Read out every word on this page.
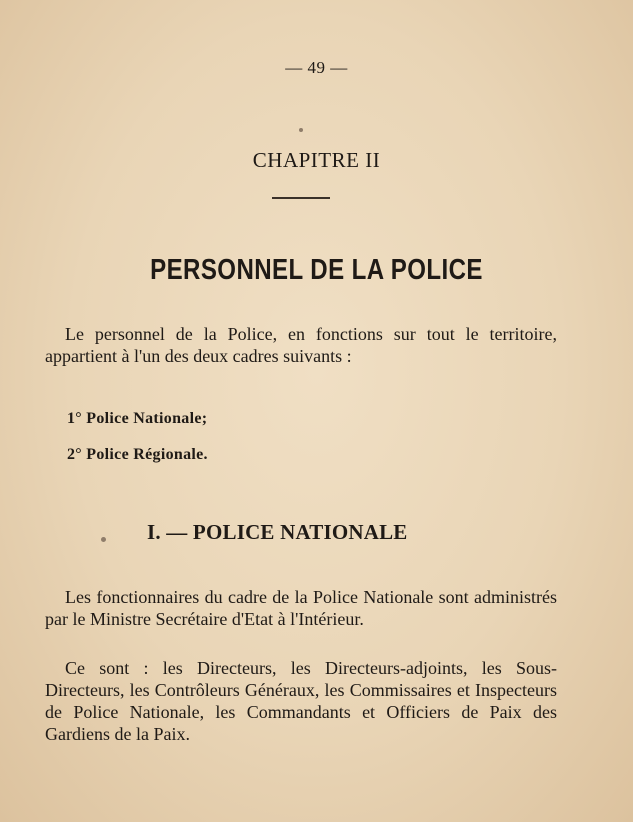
— 49 —
CHAPITRE II
PERSONNEL DE LA POLICE

Le personnel de la Police, en fonctions sur tout le territoire, appartient à l'un des deux cadres suivants :

1° Police Nationale;
2° Police Régionale.
I. — POLICE NATIONALE

Les fonctionnaires du cadre de la Police Nationale sont administrés par le Ministre Secrétaire d'Etat à l'Intérieur.

Ce sont : les Directeurs, les Directeurs-adjoints, les Sous-Directeurs, les Contrôleurs Généraux, les Commissaires et Inspecteurs de Police Nationale, les Commandants et Officiers de Paix des Gardiens de la Paix.
